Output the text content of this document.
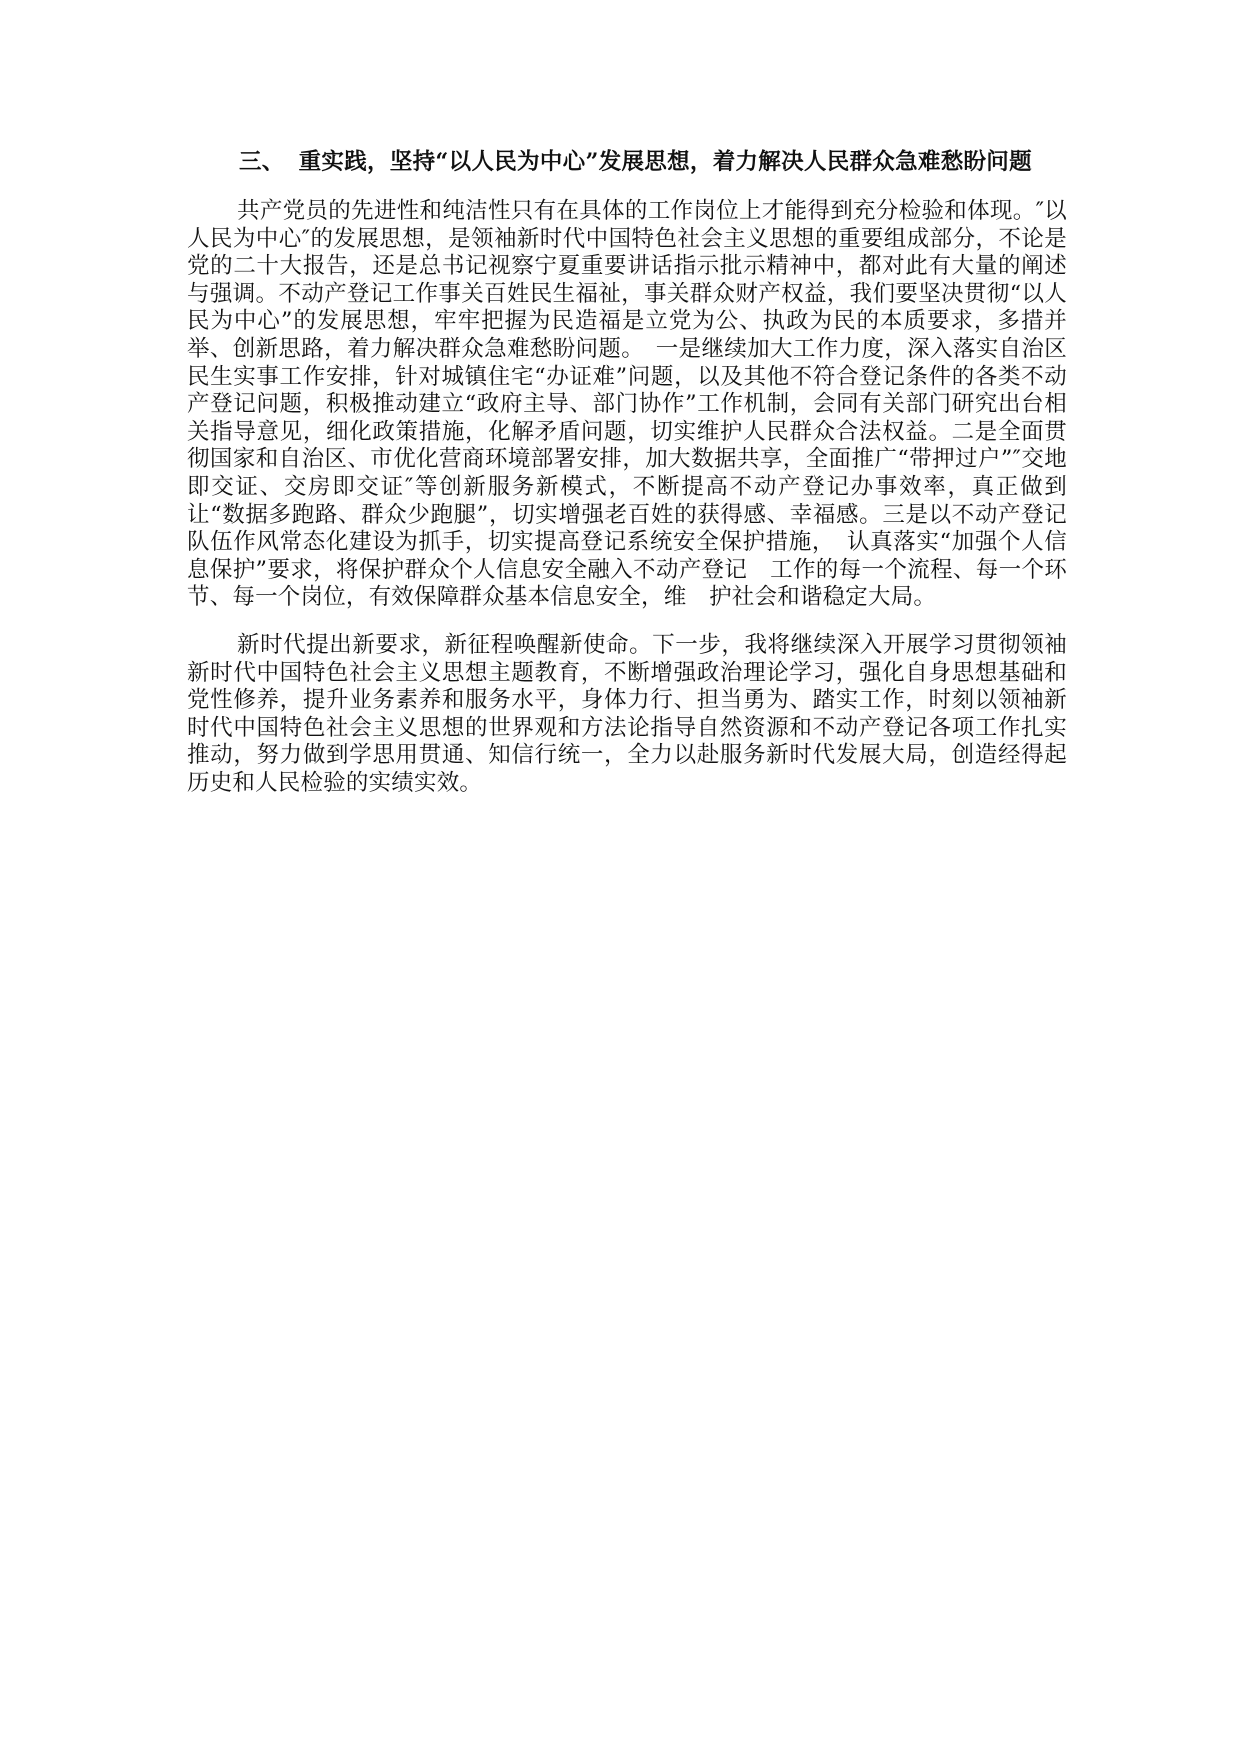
三、 重实践，坚持“以人民为中心”发展思想，着力解决人民群众急难愁盼问题

共产党员的先进性和纯洁性只有在具体的工作岗位上才能得到充分检验和体现。″以人民为中心″的发展思想，是领袖新时代中国特色社会主义思想的重要组成部分，不论是党的二十大报告，还是总书记视察宁夏重要讲话指示批示精神中，都对此有大量的阐述与强调。不动产登记工作事关百姓民生福祉，事关群众财产权益，我们要坚决贯彻“以人民为中心”的发展思想，牢牢把握为民造福是立党为公、执政为民的本质要求，多措并举、创新思路，着力解决群众急难愁盼问题。　一是继续加大工作力度，深入落实自治区民生实事工作安排，针对城镇住宅“办证难”问题，以及其他不符合登记条件的各类不动产登记问题，积极推动建立“政府主导、部门协作”工作机制，会同有关部门研究出台相关指导意见，细化政策措施，化解矛盾问题，切实维护人民群众合法权益。二是全面贯彻国家和自治区、市优化营商环境部署安排，加大数据共享，全面推广“带押过户”″交地即交证、交房即交证″等创新服务新模式，不断提高不动产登记办事效率，真正做到让“数据多跑路、群众少跑腿”，切实增强老百姓的获得感、幸福感。三是以不动产登记队伍作风常态化建设为抓手，切实提高登记系统安全保护措施，　认真落实“加强个人信息保护”要求，将保护群众个人信息安全融入不动产登记　工作的每一个流程、每一个环节、每一个岗位，有效保障群众基本信息安全，维　护社会和谐稳定大局。

新时代提出新要求，新征程唤醒新使命。下一步，我将继续深入开展学习贯彻领袖新时代中国特色社会主义思想主题教育，不断增强政治理论学习，强化自身思想基础和党性修养，提升业务素养和服务水平，身体力行、担当勇为、踏实工作，时刻以领袖新时代中国特色社会主义思想的世界观和方法论指导自然资源和不动产登记各项工作扎实推动，努力做到学思用贯通、知信行统一，全力以赴服务新时代发展大局，创造经得起历史和人民检验的实绩实效。
